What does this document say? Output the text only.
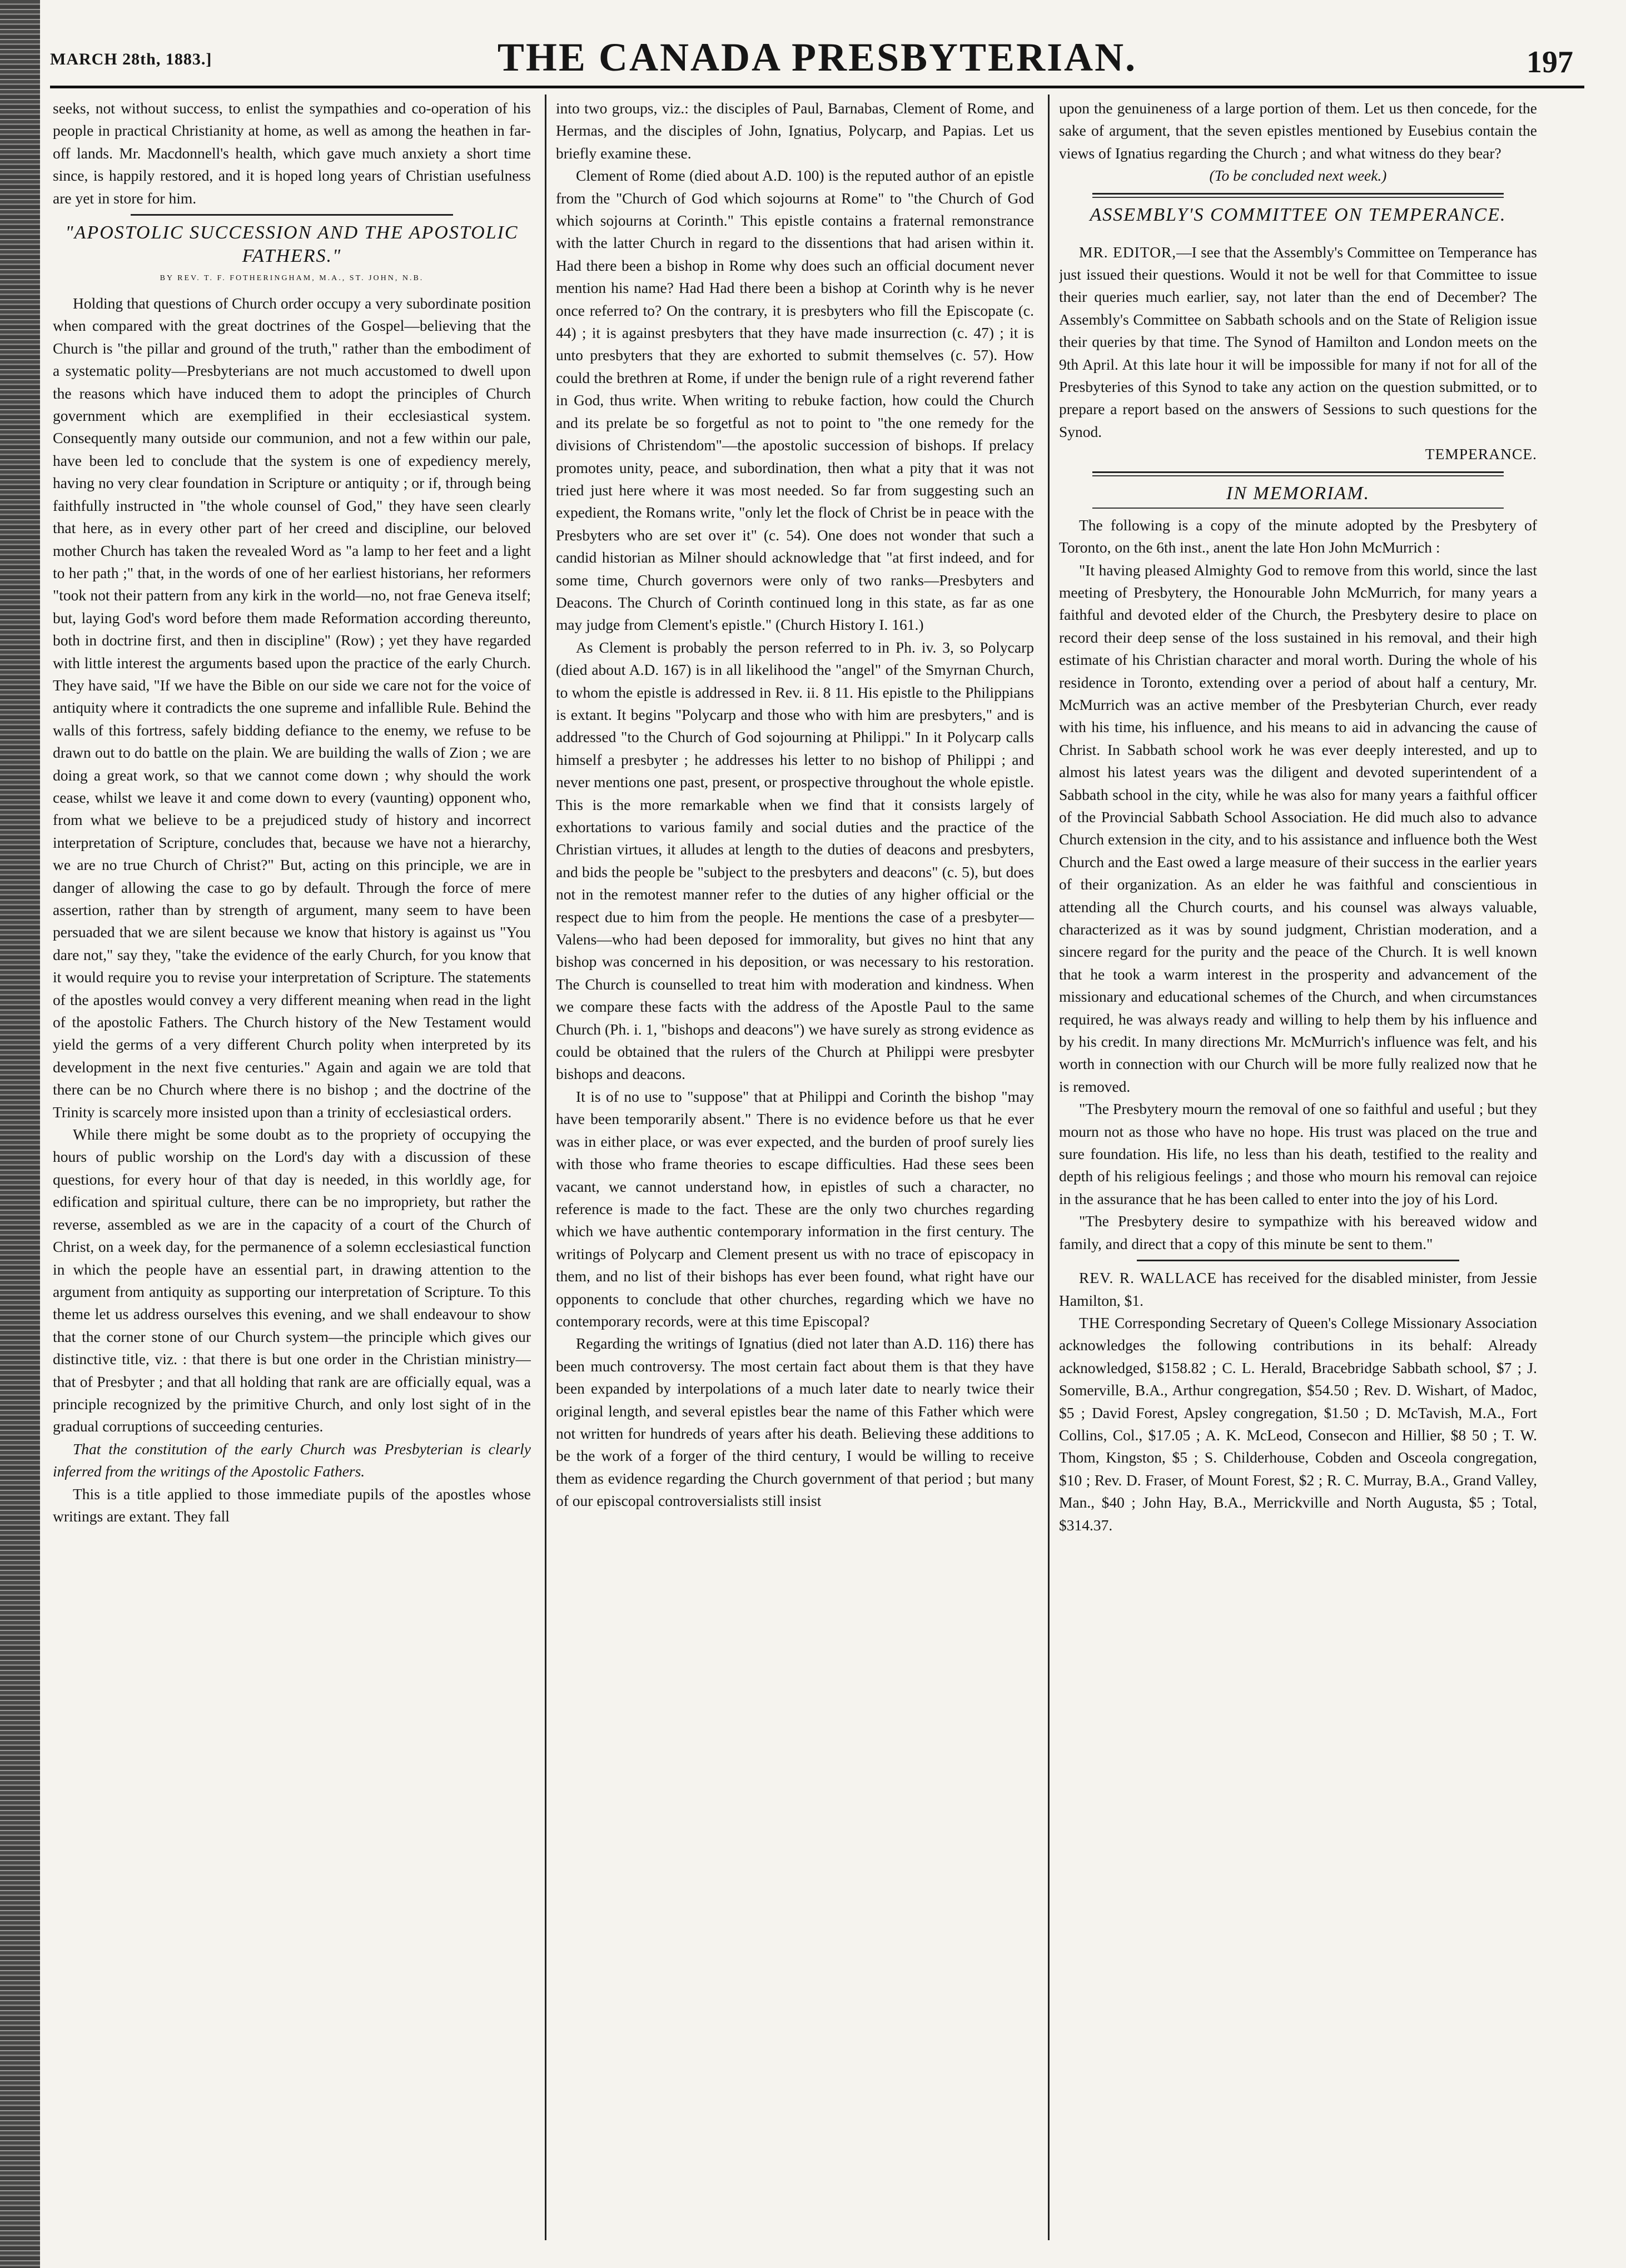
MARCH 28th, 1883.]	THE CANADA PRESBYTERIAN.	197

seeks, not without success, to enlist the sympathies and co-operation of his people in practical Christianity at home, as well as among the heathen in far-off lands. Mr. Macdonnell's health, which gave much anxiety a short time since, is happily restored, and it is hoped long years of Christian usefulness are yet in store for him.

"APOSTOLIC SUCCESSION AND THE APOSTOLIC FATHERS."
BY REV. T. F. FOTHERINGHAM, M.A., ST. JOHN, N.B.

Holding that questions of Church order occupy a very subordinate position when compared with the great doctrines of the Gospel—believing that the Church is "the pillar and ground of the truth," rather than the embodiment of a systematic polity—Presbyterians are not much accustomed to dwell upon the reasons which have induced them to adopt the principles of Church government which are exemplified in their ecclesiastical system. Consequently many outside our communion, and not a few within our pale, have been led to conclude that the system is one of expediency merely, having no very clear foundation in Scripture or antiquity ; or if, through being faithfully instructed in "the whole counsel of God," they have seen clearly that here, as in every other part of her creed and discipline, our beloved mother Church has taken the revealed Word as "a lamp to her feet and a light to her path ;" that, in the words of one of her earliest historians, her reformers "took not their pattern from any kirk in the world—no, not frae Geneva itself; but, laying God's word before them made Reformation according thereunto, both in doctrine first, and then in discipline" (Row) ; yet they have regarded with little interest the arguments based upon the practice of the early Church. They have said, "If we have the Bible on our side we care not for the voice of antiquity where it contradicts the one supreme and infallible Rule. Behind the walls of this fortress, safely bidding defiance to the enemy, we refuse to be drawn out to do battle on the plain. We are building the walls of Zion ; we are doing a great work, so that we cannot come down ; why should the work cease, whilst we leave it and come down to every (vaunting) opponent who, from what we believe to be a prejudiced study of history and incorrect interpretation of Scripture, concludes that, because we have not a hierarchy, we are no true Church of Christ?" But, acting on this principle, we are in danger of allowing the case to go by default. Through the force of mere assertion, rather than by strength of argument, many seem to have been persuaded that we are silent because we know that history is against us "You dare not," say they, "take the evidence of the early Church, for you know that it would require you to revise your interpretation of Scripture. The statements of the apostles would convey a very different meaning when read in the light of the apostolic Fathers. The Church history of the New Testament would yield the germs of a very different Church polity when interpreted by its development in the next five centuries." Again and again we are told that there can be no Church where there is no bishop ; and the doctrine of the Trinity is scarcely more insisted upon than a trinity of ecclesiastical orders.

While there might be some doubt as to the propriety of occupying the hours of public worship on the Lord's day with a discussion of these questions, for every hour of that day is needed, in this worldly age, for edification and spiritual culture, there can be no impropriety, but rather the reverse, assembled as we are in the capacity of a court of the Church of Christ, on a week day, for the permanence of a solemn ecclesiastical function in which the people have an essential part, in drawing attention to the argument from antiquity as supporting our interpretation of Scripture. To this theme let us address ourselves this evening, and we shall endeavour to show that the corner stone of our Church system—the principle which gives our distinctive title, viz. : that there is but one order in the Christian ministry—that of Presbyter ; and that all holding that rank are are officially equal, was a principle recognized by the primitive Church, and only lost sight of in the gradual corruptions of succeeding centuries.

That the constitution of the early Church was Presbyterian is clearly inferred from the writings of the Apostolic Fathers.

This is a title applied to those immediate pupils of the apostles whose writings are extant. They fall

into two groups, viz.: the disciples of Paul, Barnabas, Clement of Rome, and Hermas, and the disciples of John, Ignatius, Polycarp, and Papias. Let us briefly examine these.

Clement of Rome (died about A.D. 100) is the reputed author of an epistle from the "Church of God which sojourns at Rome" to "the Church of God which sojourns at Corinth." This epistle contains a fraternal remonstrance with the latter Church in regard to the dissentions that had arisen within it. Had there been a bishop in Rome why does such an official document never mention his name? Had Had there been a bishop at Corinth why is he never once referred to? On the contrary, it is presbyters who fill the Episcopate (c. 44) ; it is against presbyters that they have made insurrection (c. 47) ; it is unto presbyters that they are exhorted to submit themselves (c. 57). How could the brethren at Rome, if under the benign rule of a right reverend father in God, thus write. When writing to rebuke faction, how could the Church and its prelate be so forgetful as not to point to "the one remedy for the divisions of Christendom"—the apostolic succession of bishops. If prelacy promotes unity, peace, and subordination, then what a pity that it was not tried just here where it was most needed. So far from suggesting such an expedient, the Romans write, "only let the flock of Christ be in peace with the Presbyters who are set over it" (c. 54). One does not wonder that such a candid historian as Milner should acknowledge that "at first indeed, and for some time, Church governors were only of two ranks—Presbyters and Deacons. The Church of Corinth continued long in this state, as far as one may judge from Clement's epistle." (Church History I. 161.)

As Clement is probably the person referred to in Ph. iv. 3, so Polycarp (died about A.D. 167) is in all likelihood the "angel" of the Smyrnan Church, to whom the epistle is addressed in Rev. ii. 8 11. His epistle to the Philippians is extant. It begins "Polycarp and those who with him are presbyters," and is addressed "to the Church of God sojourning at Philippi." In it Polycarp calls himself a presbyter ; he addresses his letter to no bishop of Philippi ; and never mentions one past, present, or prospective throughout the whole epistle. This is the more remarkable when we find that it consists largely of exhortations to various family and social duties and the practice of the Christian virtues, it alludes at length to the duties of deacons and presbyters, and bids the people be "subject to the presbyters and deacons" (c. 5), but does not in the remotest manner refer to the duties of any higher official or the respect due to him from the people. He mentions the case of a presbyter—Valens—who had been deposed for immorality, but gives no hint that any bishop was concerned in his deposition, or was necessary to his restoration. The Church is counselled to treat him with moderation and kindness. When we compare these facts with the address of the Apostle Paul to the same Church (Ph. i. 1, "bishops and deacons") we have surely as strong evidence as could be obtained that the rulers of the Church at Philippi were presbyter bishops and deacons.

It is of no use to "suppose" that at Philippi and Corinth the bishop "may have been temporarily absent." There is no evidence before us that he ever was in either place, or was ever expected, and the burden of proof surely lies with those who frame theories to escape difficulties. Had these sees been vacant, we cannot understand how, in epistles of such a character, no reference is made to the fact. These are the only two churches regarding which we have authentic contemporary information in the first century. The writings of Polycarp and Clement present us with no trace of episcopacy in them, and no list of their bishops has ever been found, what right have our opponents to conclude that other churches, regarding which we have no contemporary records, were at this time Episcopal?

Regarding the writings of Ignatius (died not later than A.D. 116) there has been much controversy. The most certain fact about them is that they have been expanded by interpolations of a much later date to nearly twice their original length, and several epistles bear the name of this Father which were not written for hundreds of years after his death. Believing these additions to be the work of a forger of the third century, I would be willing to receive them as evidence regarding the Church government of that period ; but many of our episcopal controversialists still insist

upon the genuineness of a large portion of them. Let us then concede, for the sake of argument, that the seven epistles mentioned by Eusebius contain the views of Ignatius regarding the Church ; and what witness do they bear?

(To be concluded next week.)

ASSEMBLY'S COMMITTEE ON TEMPERANCE.

MR. EDITOR,—I see that the Assembly's Committee on Temperance has just issued their questions. Would it not be well for that Committee to issue their queries much earlier, say, not later than the end of December? The Assembly's Committee on Sabbath schools and on the State of Religion issue their queries by that time. The Synod of Hamilton and London meets on the 9th April. At this late hour it will be impossible for many if not for all of the Presbyteries of this Synod to take any action on the question submitted, or to prepare a report based on the answers of Sessions to such questions for the Synod.

TEMPERANCE.

IN MEMORIAM.

The following is a copy of the minute adopted by the Presbytery of Toronto, on the 6th inst., anent the late Hon John McMurrich :

"It having pleased Almighty God to remove from this world, since the last meeting of Presbytery, the Honourable John McMurrich, for many years a faithful and devoted elder of the Church, the Presbytery desire to place on record their deep sense of the loss sustained in his removal, and their high estimate of his Christian character and moral worth. During the whole of his residence in Toronto, extending over a period of about half a century, Mr. McMurrich was an active member of the Presbyterian Church, ever ready with his time, his influence, and his means to aid in advancing the cause of Christ. In Sabbath school work he was ever deeply interested, and up to almost his latest years was the diligent and devoted superintendent of a Sabbath school in the city, while he was also for many years a faithful officer of the Provincial Sabbath School Association. He did much also to advance Church extension in the city, and to his assistance and influence both the West Church and the East owed a large measure of their success in the earlier years of their organization. As an elder he was faithful and conscientious in attending all the Church courts, and his counsel was always valuable, characterized as it was by sound judgment, Christian moderation, and a sincere regard for the purity and the peace of the Church. It is well known that he took a warm interest in the prosperity and advancement of the missionary and educational schemes of the Church, and when circumstances required, he was always ready and willing to help them by his influence and by his credit. In many directions Mr. McMurrich's influence was felt, and his worth in connection with our Church will be more fully realized now that he is removed.

"The Presbytery mourn the removal of one so faithful and useful ; but they mourn not as those who have no hope. His trust was placed on the true and sure foundation. His life, no less than his death, testified to the reality and depth of his religious feelings ; and those who mourn his removal can rejoice in the assurance that he has been called to enter into the joy of his Lord.

"The Presbytery desire to sympathize with his bereaved widow and family, and direct that a copy of this minute be sent to them."

REV. R. WALLACE has received for the disabled minister, from Jessie Hamilton, $1.

THE Corresponding Secretary of Queen's College Missionary Association acknowledges the following contributions in its behalf: Already acknowledged, $158.82 ; C. L. Herald, Bracebridge Sabbath school, $7 ; J. Somerville, B.A., Arthur congregation, $54.50 ; Rev. D. Wishart, of Madoc, $5 ; David Forest, Apsley congregation, $1.50 ; D. McTavish, M.A., Fort Collins, Col., $17.05 ; A. K. McLeod, Consecon and Hillier, $8 50 ; T. W. Thom, Kingston, $5 ; S. Childerhouse, Cobden and Osceola congregation, $10 ; Rev. D. Fraser, of Mount Forest, $2 ; R. C. Murray, B.A., Grand Valley, Man., $40 ; John Hay, B.A., Merrickville and North Augusta, $5 ; Total, $314.37.
